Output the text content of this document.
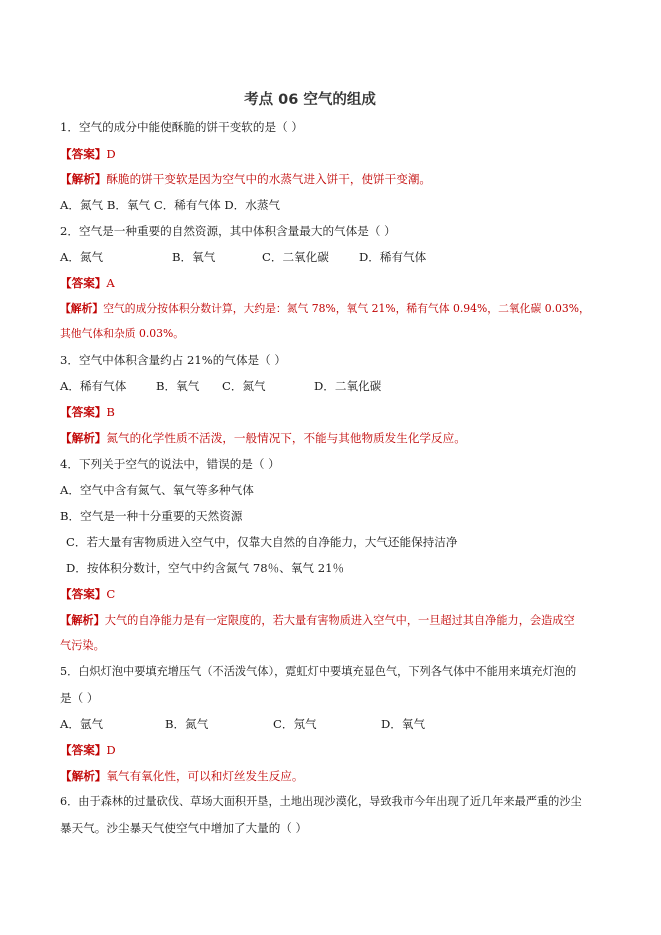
考点 06 空气的组成
1．空气的成分中能使酥脆的饼干变软的是（ ）
【答案】D
【解析】酥脆的饼干变软是因为空气中的水蒸气进入饼干，使饼干变潮。
A．氮气 B．氧气 C．稀有气体 D．水蒸气
2．空气是一种重要的自然资源，其中体积含量最大的气体是（ ）
A．氮气	B．氧气	C．二氧化碳	D．稀有气体
【答案】A
【解析】空气的成分按体积分数计算，大约是：氮气 78%，氧气 21%，稀有气体 0.94%，二氧化碳 0.03%，
其他气体和杂质 0.03%。
3．空气中体积含量约占 21%的气体是（ ）
A．稀有气体	B．氧气 C．氮气	D．二氧化碳
【答案】B
【解析】氮气的化学性质不活泼，一般情况下，不能与其他物质发生化学反应。
4．下列关于空气的说法中，错误的是（ ）
A．空气中含有氮气、氧气等多种气体
B．空气是一种十分重要的天然资源
C．若大量有害物质进入空气中，仅靠大自然的自净能力，大气还能保持洁净
D．按体积分数计，空气中约含氮气 78％、氧气 21％
【答案】C
【解析】大气的自净能力是有一定限度的，若大量有害物质进入空气中，一旦超过其自净能力，会造成空
气污染。
5．白炽灯泡中要填充增压气（不活泼气体），霓虹灯中要填充显色气，下列各气体中不能用来填充灯泡的
是（ ）
A．氩气	B．氮气	C．氖气	D．氧气
【答案】D
【解析】氧气有氧化性，可以和灯丝发生反应。
6．由于森林的过量砍伐、草场大面积开垦，土地出现沙漠化，导致我市今年出现了近几年来最严重的沙尘
暴天气。沙尘暴天气使空气中增加了大量的（ ）
